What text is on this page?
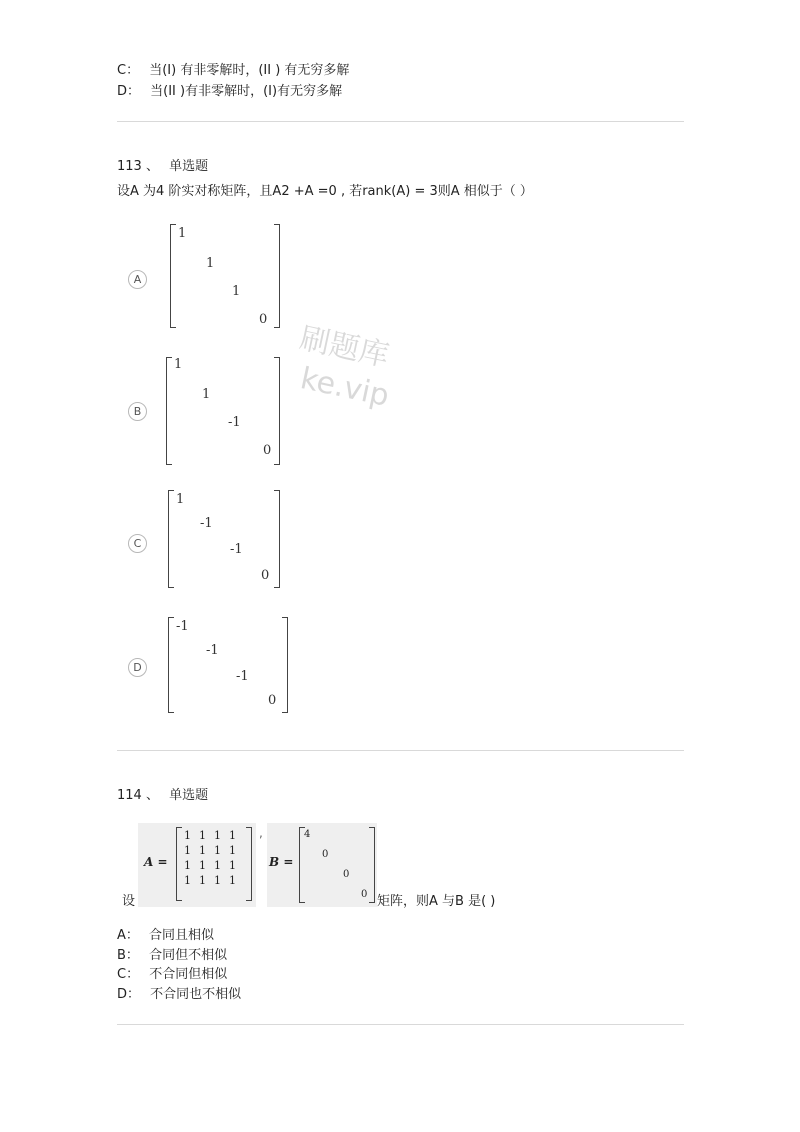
C： 当(I) 有非零解时，(II ) 有无穷多解
D： 当(II )有非零解时，(I)有无穷多解
113 、 单选题
设A 为4 阶实对称矩阵，且A2 +A =0 , 若rank(A) = 3则A 相似于（ ）
A
1
1
1
0
B
1
1
-1
0
C
1
-1
-1
0
D
-1
-1
-1
0
刷题库
ke.vip
114 、 单选题
设
A =
1 1 1 1
1 1 1 1
1 1 1 1
1 1 1 1
,
B =
4
0
0
0 矩阵，则A 与B 是( )
A： 合同且相似
B： 合同但不相似
C： 不合同但相似
D： 不合同也不相似
